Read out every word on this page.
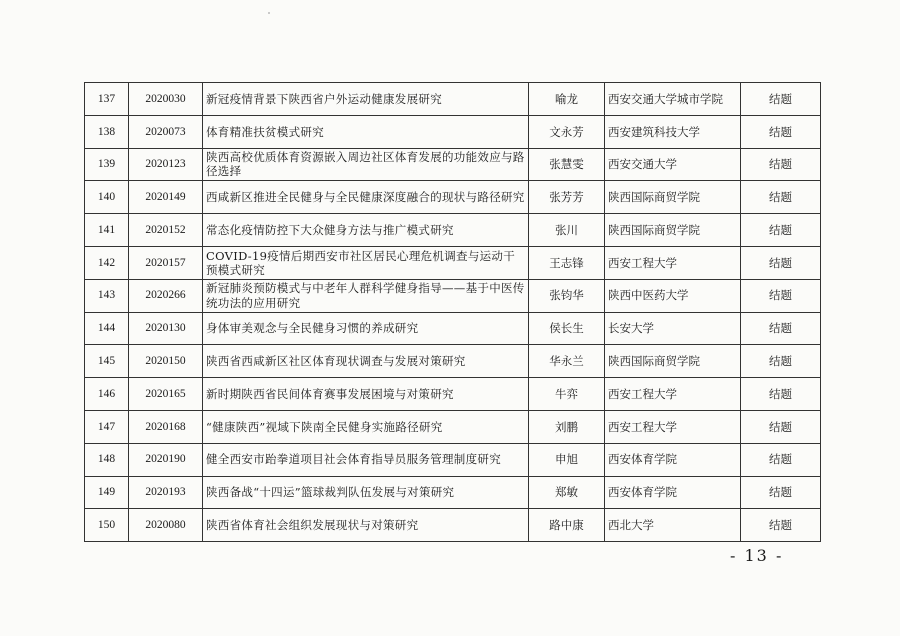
137	2020030	新冠疫情背景下陕西省户外运动健康发展研究	喻龙	西安交通大学城市学院	结题
138	2020073	体育精准扶贫模式研究	文永芳	西安建筑科技大学	结题
139	2020123	陕西高校优质体育资源嵌入周边社区体育发展的功能效应与路径选择	张慧雯	西安交通大学	结题
140	2020149	西咸新区推进全民健身与全民健康深度融合的现状与路径研究	张芳芳	陕西国际商贸学院	结题
141	2020152	常态化疫情防控下大众健身方法与推广模式研究	张川	陕西国际商贸学院	结题
142	2020157	COVID-19疫情后期西安市社区居民心理危机调查与运动干预模式研究	王志锋	西安工程大学	结题
143	2020266	新冠肺炎预防模式与中老年人群科学健身指导——基于中医传统功法的应用研究	张钧华	陕西中医药大学	结题
144	2020130	身体审美观念与全民健身习惯的养成研究	侯长生	长安大学	结题
145	2020150	陕西省西咸新区社区体育现状调查与发展对策研究	华永兰	陕西国际商贸学院	结题
146	2020165	新时期陕西省民间体育赛事发展困境与对策研究	牛弈	西安工程大学	结题
147	2020168	“健康陕西”视域下陕南全民健身实施路径研究	刘鹏	西安工程大学	结题
148	2020190	健全西安市跆拳道项目社会体育指导员服务管理制度研究	申旭	西安体育学院	结题
149	2020193	陕西备战“十四运”篮球裁判队伍发展与对策研究	郑敏	西安体育学院	结题
150	2020080	陕西省体育社会组织发展现状与对策研究	路中康	西北大学	结题
- 13 -
